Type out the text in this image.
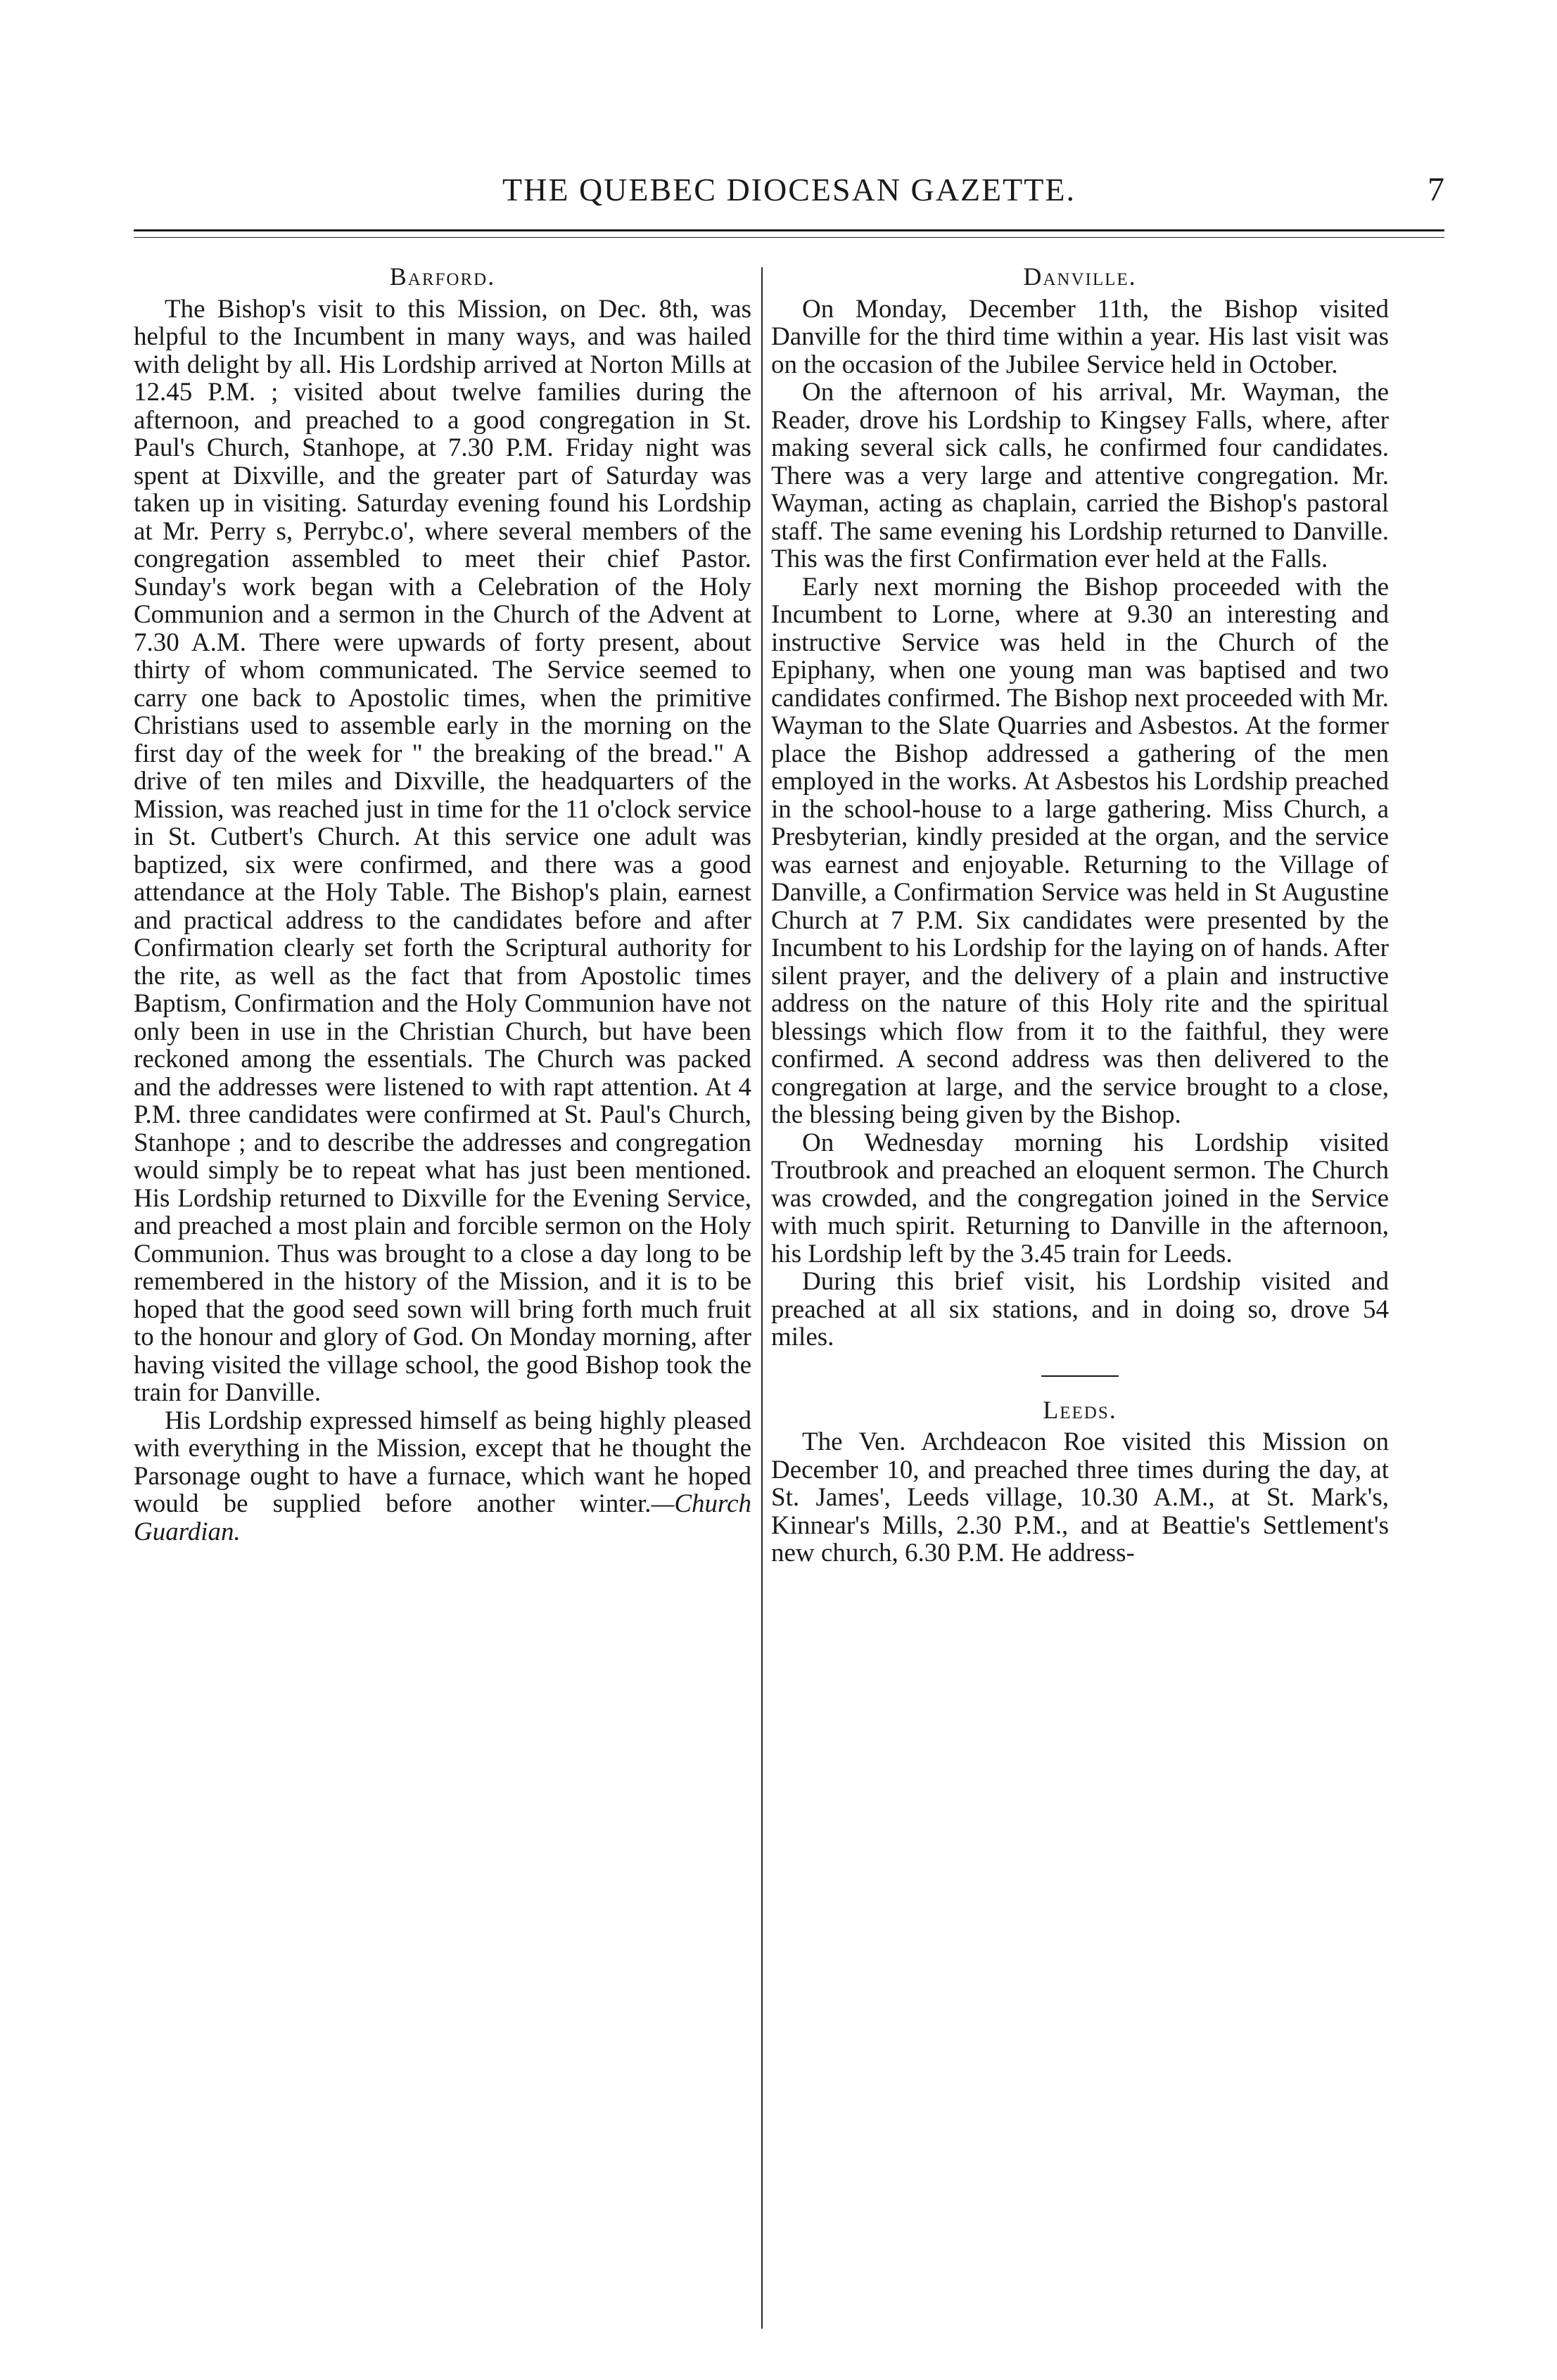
THE QUEBEC DIOCESAN GAZETTE.	7
Barford.

The Bishop's visit to this Mission, on Dec. 8th, was helpful to the Incumbent in many ways, and was hailed with delight by all. His Lordship arrived at Norton Mills at 12.45 P.M. ; visited about twelve families during the afternoon, and preached to a good congregation in St. Paul's Church, Stanhope, at 7.30 P.M. Friday night was spent at Dixville, and the greater part of Saturday was taken up in visiting. Saturday evening found his Lordship at Mr. Perry s, Perrybc.o', where several members of the congregation assembled to meet their chief Pastor. Sunday's work began with a Celebration of the Holy Communion and a sermon in the Church of the Advent at 7.30 A.M. There were upwards of forty present, about thirty of whom communicated. The Service seemed to carry one back to Apostolic times, when the primitive Christians used to assemble early in the morning on the first day of the week for " the breaking of the bread." A drive of ten miles and Dixville, the headquarters of the Mission, was reached just in time for the 11 o'clock service in St. Cutbert's Church. At this service one adult was baptized, six were confirmed, and there was a good attendance at the Holy Table. The Bishop's plain, earnest and practical address to the candidates before and after Confirmation clearly set forth the Scriptural authority for the rite, as well as the fact that from Apostolic times Baptism, Confirmation and the Holy Communion have not only been in use in the Christian Church, but have been reckoned among the essentials. The Church was packed and the addresses were listened to with rapt attention. At 4 P.M. three candidates were confirmed at St. Paul's Church, Stanhope ; and to describe the addresses and congregation would simply be to repeat what has just been mentioned. His Lordship returned to Dixville for the Evening Service, and preached a most plain and forcible sermon on the Holy Communion. Thus was brought to a close a day long to be remembered in the history of the Mission, and it is to be hoped that the good seed sown will bring forth much fruit to the honour and glory of God. On Monday morning, after having visited the village school, the good Bishop took the train for Danville.

His Lordship expressed himself as being highly pleased with everything in the Mission, except that he thought the Parsonage ought to have a furnace, which want he hoped would be supplied before another winter.—Church Guardian.

Danville.

On Monday, December 11th, the Bishop visited Danville for the third time within a year. His last visit was on the occasion of the Jubilee Service held in October.

On the afternoon of his arrival, Mr. Wayman, the Reader, drove his Lordship to Kingsey Falls, where, after making several sick calls, he confirmed four candidates. There was a very large and attentive congregation. Mr. Wayman, acting as chaplain, carried the Bishop's pastoral staff. The same evening his Lordship returned to Danville. This was the first Confirmation ever held at the Falls.

Early next morning the Bishop proceeded with the Incumbent to Lorne, where at 9.30 an interesting and instructive Service was held in the Church of the Epiphany, when one young man was baptised and two candidates confirmed. The Bishop next proceeded with Mr. Wayman to the Slate Quarries and Asbestos. At the former place the Bishop addressed a gathering of the men employed in the works. At Asbestos his Lordship preached in the school-house to a large gathering. Miss Church, a Presbyterian, kindly presided at the organ, and the service was earnest and enjoyable. Returning to the Village of Danville, a Confirmation Service was held in St Augustine Church at 7 P.M. Six candidates were presented by the Incumbent to his Lordship for the laying on of hands. After silent prayer, and the delivery of a plain and instructive address on the nature of this Holy rite and the spiritual blessings which flow from it to the faithful, they were confirmed. A second address was then delivered to the congregation at large, and the service brought to a close, the blessing being given by the Bishop.

On Wednesday morning his Lordship visited Troutbrook and preached an eloquent sermon. The Church was crowded, and the congregation joined in the Service with much spirit. Returning to Danville in the afternoon, his Lordship left by the 3.45 train for Leeds.

During this brief visit, his Lordship visited and preached at all six stations, and in doing so, drove 54 miles.

Leeds.

The Ven. Archdeacon Roe visited this Mission on December 10, and preached three times during the day, at St. James', Leeds village, 10.30 A.M., at St. Mark's, Kinnear's Mills, 2.30 P.M., and at Beattie's Settlement's new church, 6.30 P.M. He address-
